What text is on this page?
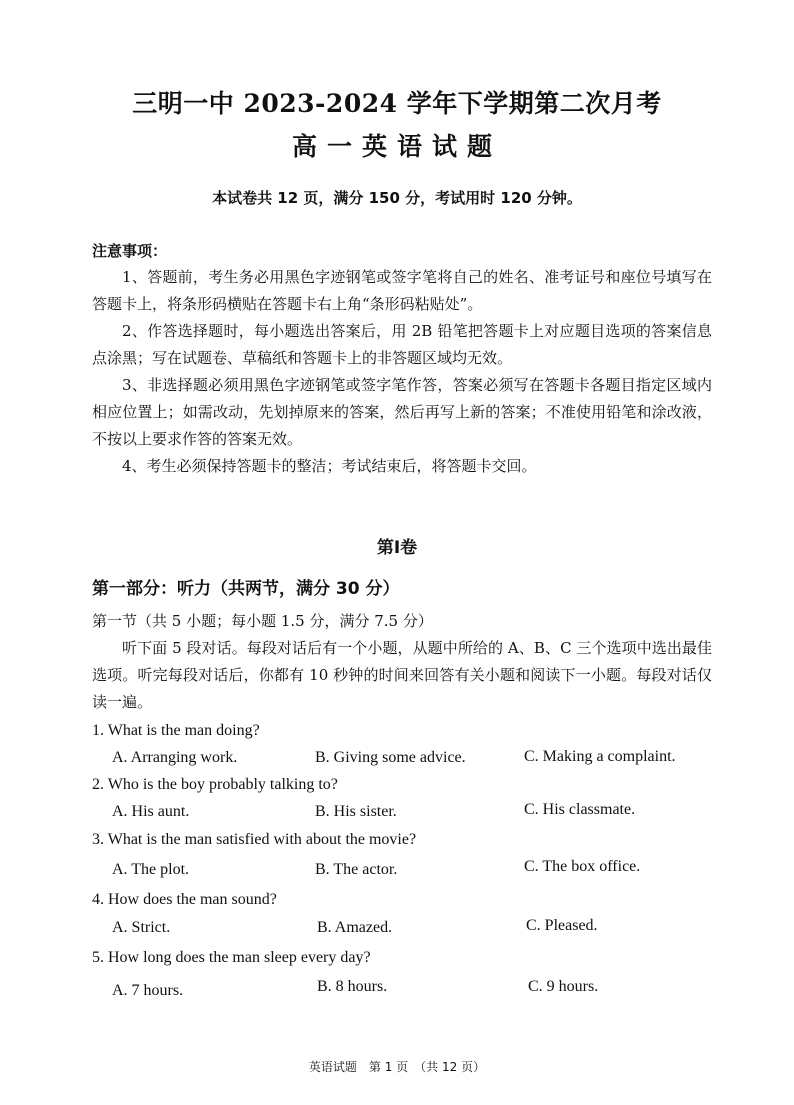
三明一中 2023-2024 学年下学期第二次月考
高一英语试题
本试卷共 12 页，满分 150 分，考试用时 120 分钟。
注意事项：

1、答题前，考生务必用黑色字迹钢笔或签字笔将自己的姓名、准考证号和座位号填写在答题卡上，将条形码横贴在答题卡右上角“条形码粘贴处”。

2、作答选择题时，每小题选出答案后，用 2B 铅笔把答题卡上对应题目选项的答案信息点涂黑；写在试题卷、草稿纸和答题卡上的非答题区域均无效。

3、非选择题必须用黑色字迹钢笔或签字笔作答，答案必须写在答题卡各题目指定区域内相应位置上；如需改动，先划掉原来的答案，然后再写上新的答案；不准使用铅笔和涂改液，不按以上要求作答的答案无效。

4、考生必须保持答题卡的整洁；考试结束后，将答题卡交回。

第Ⅰ卷
第一部分：听力（共两节，满分 30 分）
第一节（共 5 小题；每小题 1.5 分，满分 7.5 分）

听下面 5 段对话。每段对话后有一个小题，从题中所给的 A、B、C 三个选项中选出最佳选项。听完每段对话后，你都有 10 秒钟的时间来回答有关小题和阅读下一小题。每段对话仅读一遍。

1. What is the man doing?
A. Arranging work.	B. Giving some advice.	C. Making a complaint.
2. Who is the boy probably talking to?
A. His aunt.	B. His sister.	C. His classmate.
3. What is the man satisfied with about the movie?
A. The plot.	B. The actor.	C. The box office.
4. How does the man sound?
A. Strict.	B. Amazed.	C. Pleased.
5. How long does the man sleep every day?
A. 7 hours.	B. 8 hours.	C. 9 hours.
英语试题　第 1 页　（共 12 页）
